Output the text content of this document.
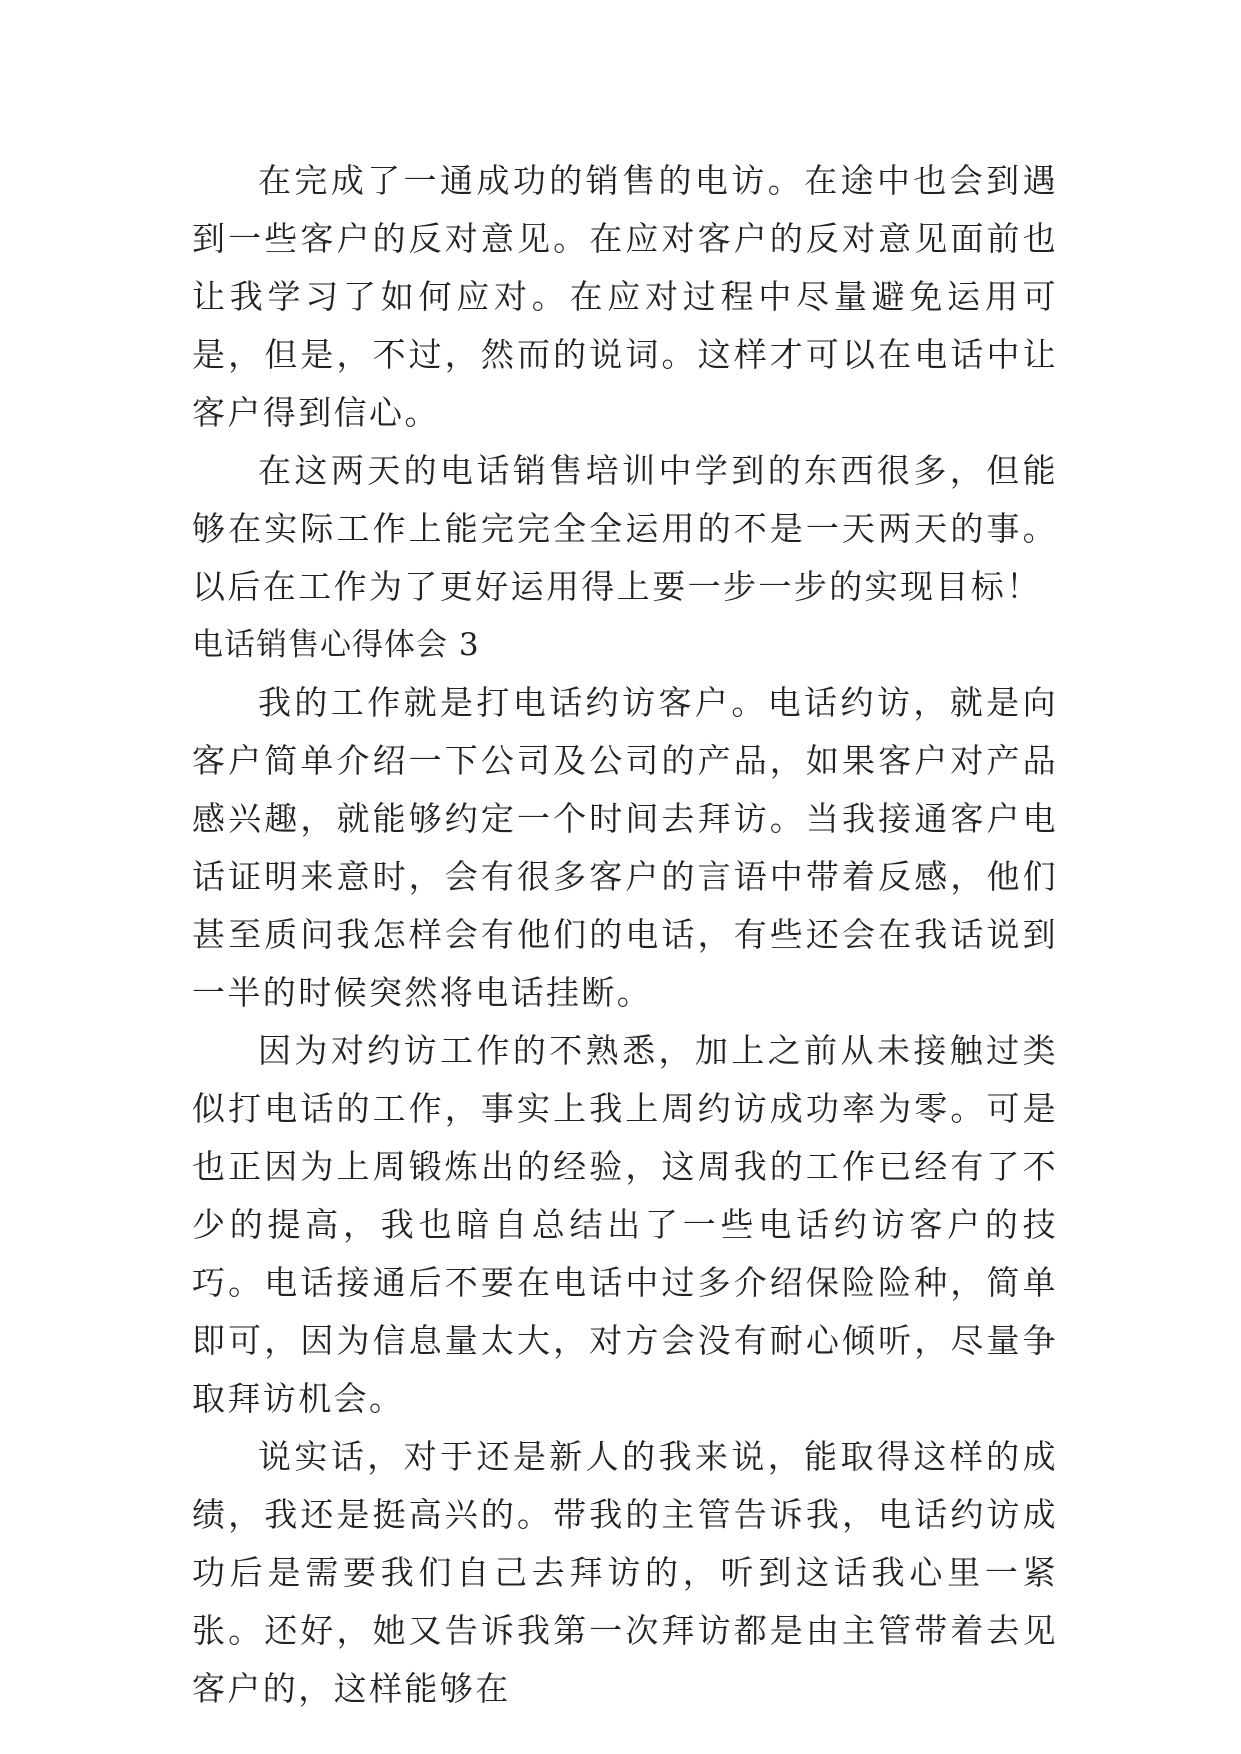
在完成了一通成功的销售的电访。在途中也会到遇到一些客户的反对意见。在应对客户的反对意见面前也让我学习了如何应对。在应对过程中尽量避免运用可是，但是，不过，然而的说词。这样才可以在电话中让客户得到信心。

在这两天的电话销售培训中学到的东西很多，但能够在实际工作上能完完全全运用的不是一天两天的事。以后在工作为了更好运用得上要一步一步的实现目标！

电话销售心得体会 3

我的工作就是打电话约访客户。电话约访，就是向客户简单介绍一下公司及公司的产品，如果客户对产品感兴趣，就能够约定一个时间去拜访。当我接通客户电话证明来意时，会有很多客户的言语中带着反感，他们甚至质问我怎样会有他们的电话，有些还会在我话说到一半的时候突然将电话挂断。

因为对约访工作的不熟悉，加上之前从未接触过类似打电话的工作，事实上我上周约访成功率为零。可是也正因为上周锻炼出的经验，这周我的工作已经有了不少的提高，我也暗自总结出了一些电话约访客户的技巧。电话接通后不要在电话中过多介绍保险险种，简单即可，因为信息量太大，对方会没有耐心倾听，尽量争取拜访机会。

说实话，对于还是新人的我来说，能取得这样的成绩，我还是挺高兴的。带我的主管告诉我，电话约访成功后是需要我们自己去拜访的，听到这话我心里一紧张。还好，她又告诉我第一次拜访都是由主管带着去见客户的，这样能够在
